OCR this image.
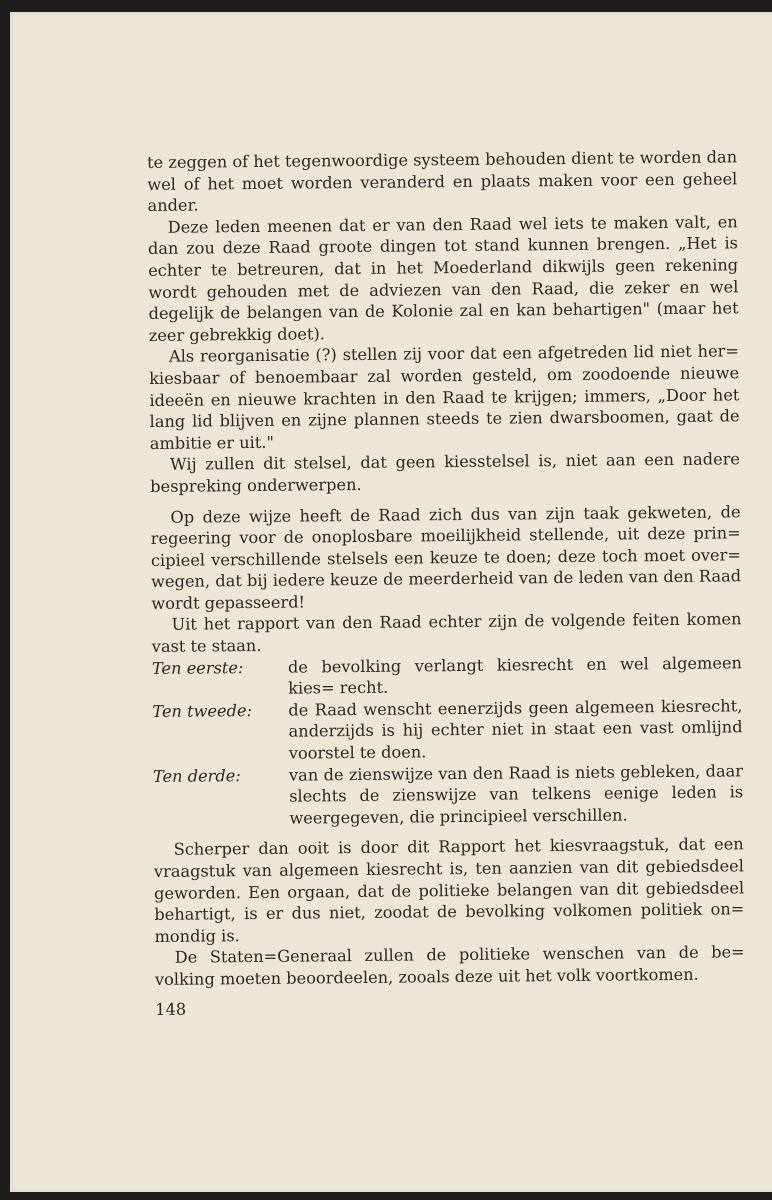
te zeggen of het tegenwoordige systeem behouden dient te worden dan wel of het moet worden veranderd en plaats maken voor een geheel ander.

Deze leden meenen dat er van den Raad wel iets te maken valt, en dan zou deze Raad groote dingen tot stand kunnen brengen. „Het is echter te betreuren, dat in het Moederland dikwijls geen rekening wordt gehouden met de adviezen van den Raad, die zeker en wel degelijk de belangen van de Kolonie zal en kan behartigen" (maar het zeer gebrekkig doet).

Als reorganisatie (?) stellen zij voor dat een afgetreden lid niet her= kiesbaar of benoembaar zal worden gesteld, om zoodoende nieuwe ideeën en nieuwe krachten in den Raad te krijgen; immers, „Door het lang lid blijven en zijne plannen steeds te zien dwarsboomen, gaat de ambitie er uit."

Wij zullen dit stelsel, dat geen kiesstelsel is, niet aan een nadere bespreking onderwerpen.

Op deze wijze heeft de Raad zich dus van zijn taak gekweten, de regeering voor de onoplosbare moeilijkheid stellende, uit deze prin= cipieel verschillende stelsels een keuze te doen; deze toch moet over= wegen, dat bij iedere keuze de meerderheid van de leden van den Raad wordt gepasseerd!

Uit het rapport van den Raad echter zijn de volgende feiten komen vast te staan.

Ten eerste:	de bevolking verlangt kiesrecht en wel algemeen kies= recht.
Ten tweede:	de Raad wenscht eenerzijds geen algemeen kiesrecht, anderzijds is hij echter niet in staat een vast omlijnd voorstel te doen.
Ten derde:	van de zienswijze van den Raad is niets gebleken, daar slechts de zienswijze van telkens eenige leden is weergegeven, die principieel verschillen.

Scherper dan ooit is door dit Rapport het kiesvraagstuk, dat een vraagstuk van algemeen kiesrecht is, ten aanzien van dit gebiedsdeel geworden. Een orgaan, dat de politieke belangen van dit gebiedsdeel behartigt, is er dus niet, zoodat de bevolking volkomen politiek on= mondig is.

De Staten=Generaal zullen de politieke wenschen van de be= volking moeten beoordeelen, zooals deze uit het volk voortkomen.

148
